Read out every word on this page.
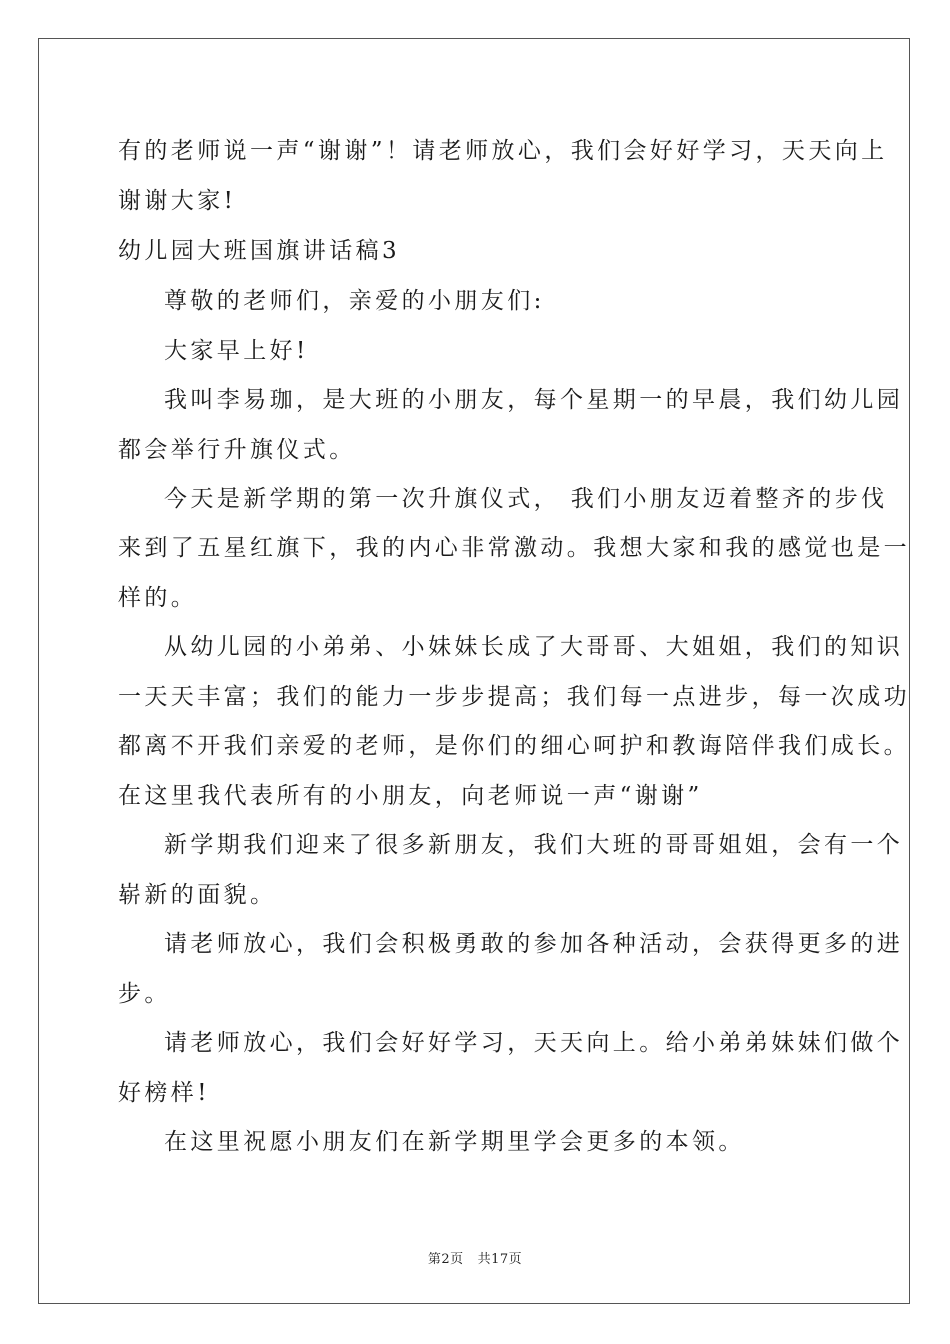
有的老师说一声“谢谢”！请老师放心，我们会好好学习，天天向上
谢谢大家!
幼儿园大班国旗讲话稿3
尊敬的老师们，亲爱的小朋友们:
大家早上好!
我叫李易珈，是大班的小朋友，每个星期一的早晨，我们幼儿园
都会举行升旗仪式。
今天是新学期的第一次升旗仪式， 我们小朋友迈着整齐的步伐
来到了五星红旗下，我的内心非常激动。我想大家和我的感觉也是一
样的。
从幼儿园的小弟弟、小妹妹长成了大哥哥、大姐姐，我们的知识
一天天丰富；我们的能力一步步提高；我们每一点进步，每一次成功
都离不开我们亲爱的老师，是你们的细心呵护和教诲陪伴我们成长。
在这里我代表所有的小朋友，向老师说一声“谢谢”
新学期我们迎来了很多新朋友，我们大班的哥哥姐姐，会有一个
崭新的面貌。
请老师放心，我们会积极勇敢的参加各种活动，会获得更多的进
步。
请老师放心，我们会好好学习，天天向上。给小弟弟妹妹们做个
好榜样!
在这里祝愿小朋友们在新学期里学会更多的本领。
第2页 共17页
